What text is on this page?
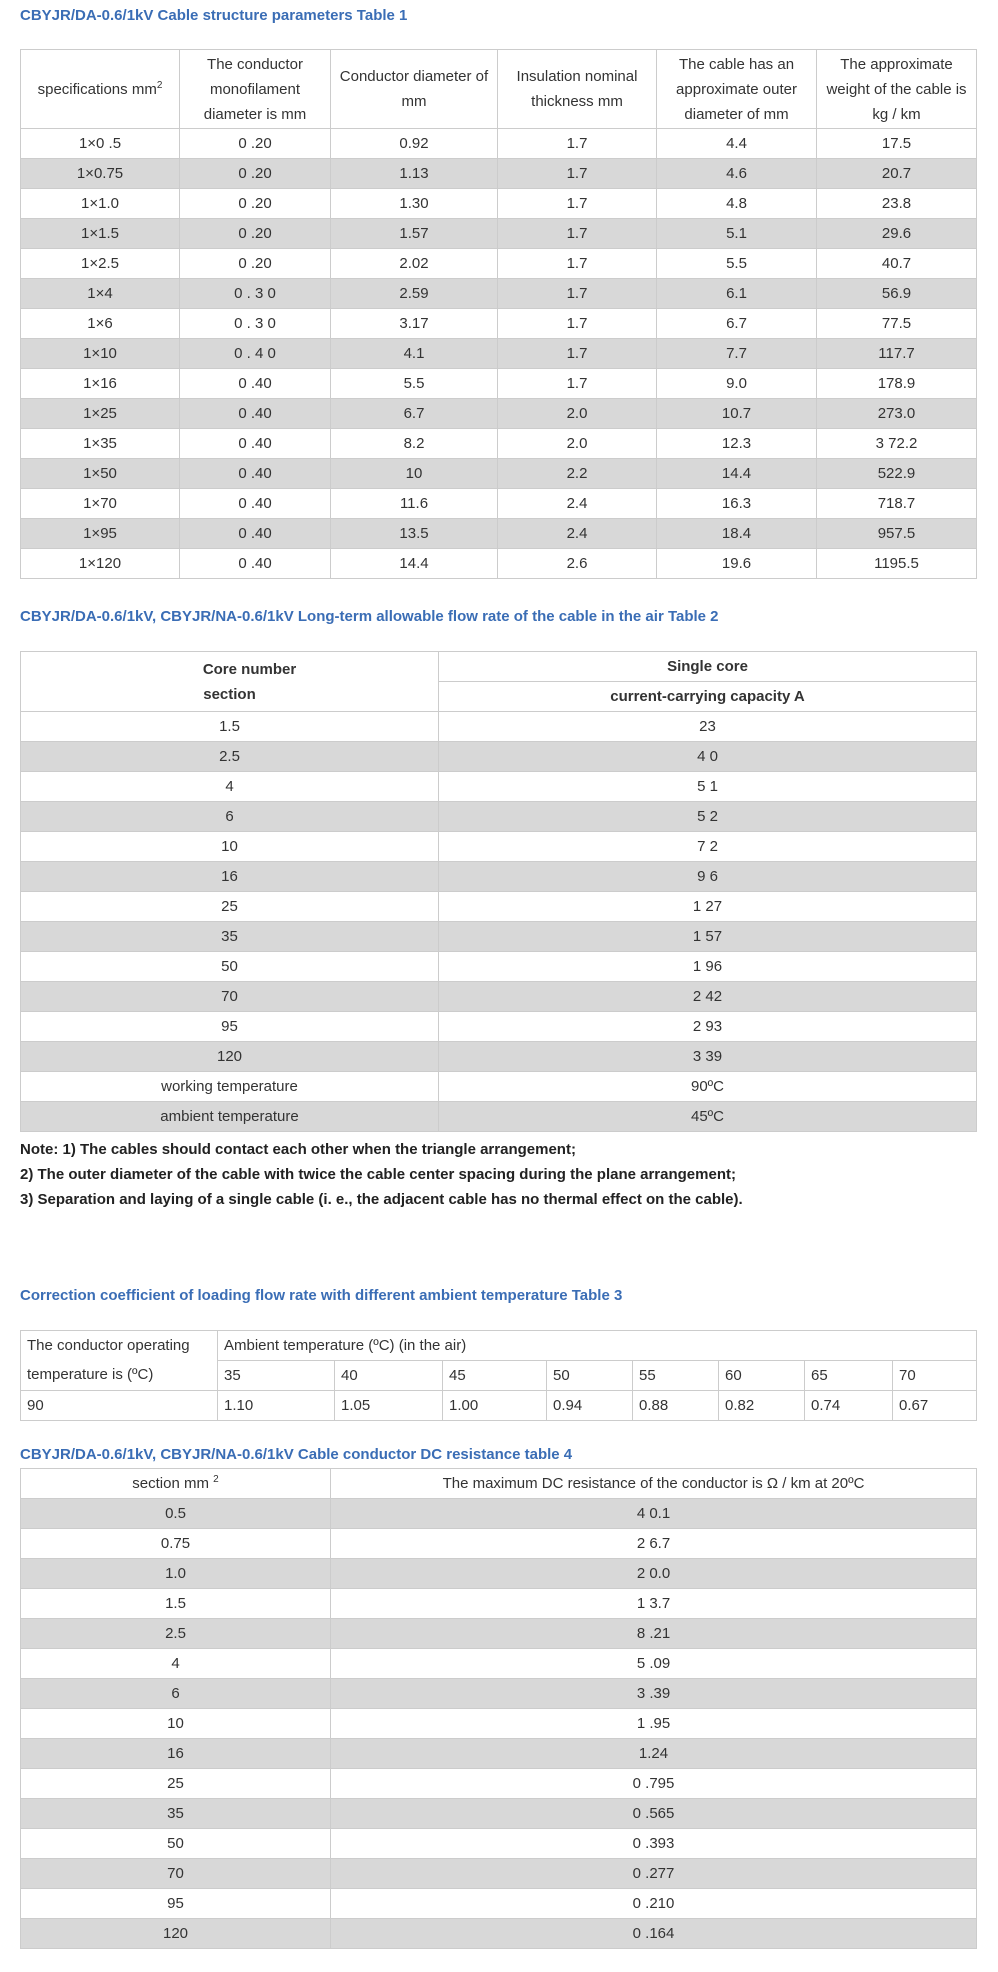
CBYJR/DA-0.6/1kV Cable structure parameters Table 1
specifications $mm^2$	The conductor monofilament diameter is mm	Conductor diameter of mm	Insulation nominal thickness mm	The cable has an approximate outer diameter of mm	The approximate weight of the cable is kg / km
1×0 .5	0 .20	0.92	1.7	4.4	17.5
1×0.75	0 .20	1.13	1.7	4.6	20.7
1×1.0	0 .20	1.30	1.7	4.8	23.8
1×1.5	0 .20	1.57	1.7	5.1	29.6
1×2.5	0 .20	2.02	1.7	5.5	40.7
1×4	0 . 3 0	2.59	1.7	6.1	56.9
1×6	0 . 3 0	3.17	1.7	6.7	77.5
1×10	0 . 4 0	4.1	1.7	7.7	117.7
1×16	0 .40	5.5	1.7	9.0	178.9
1×25	0 .40	6.7	2.0	10.7	273.0
1×35	0 .40	8.2	2.0	12.3	3 72.2
1×50	0 .40	10	2.2	14.4	522.9
1×70	0 .40	11.6	2.4	16.3	718.7
1×95	0 .40	13.5	2.4	18.4	957.5
1×120	0 .40	14.4	2.6	19.6	1195.5
CBYJR/DA-0.6/1kV, CBYJR/NA-0.6/1kV Long-term allowable flow rate of the cable in the air Table 2
Core number
section	Single core
	current-carrying capacity A
1.5	23
2.5	4 0
4	5 1
6	5 2
10	7 2
16	9 6
25	1 27
35	1 57
50	1 96
70	2 42
95	2 93
120	3 39
working temperature	90ºC
ambient temperature	45ºC
Note: 1) The cables should contact each other when the triangle arrangement;
2) The outer diameter of the cable with twice the cable center spacing during the plane arrangement;
3) Separation and laying of a single cable (i. e., the adjacent cable has no thermal effect on the cable).
Correction coefficient of loading flow rate with different ambient temperature Table 3
The conductor operating temperature is (ºC)	Ambient temperature (ºC) (in the air)							
	35	40	45	50	55	60	65	70
90	1.10	1.05	1.00	0.94	0.88	0.82	0.74	0.67
CBYJR/DA-0.6/1kV, CBYJR/NA-0.6/1kV Cable conductor DC resistance table 4
section mm $^2$	The maximum DC resistance of the conductor is Ω / km at 20ºC
0.5	4 0.1
0.75	2 6.7
1.0	2 0.0
1.5	1 3.7
2.5	8 .21
4	5 .09
6	3 .39
10	1 .95
16	1.24
25	0 .795
35	0 .565
50	0 .393
70	0 .277
95	0 .210
120	0 .164
